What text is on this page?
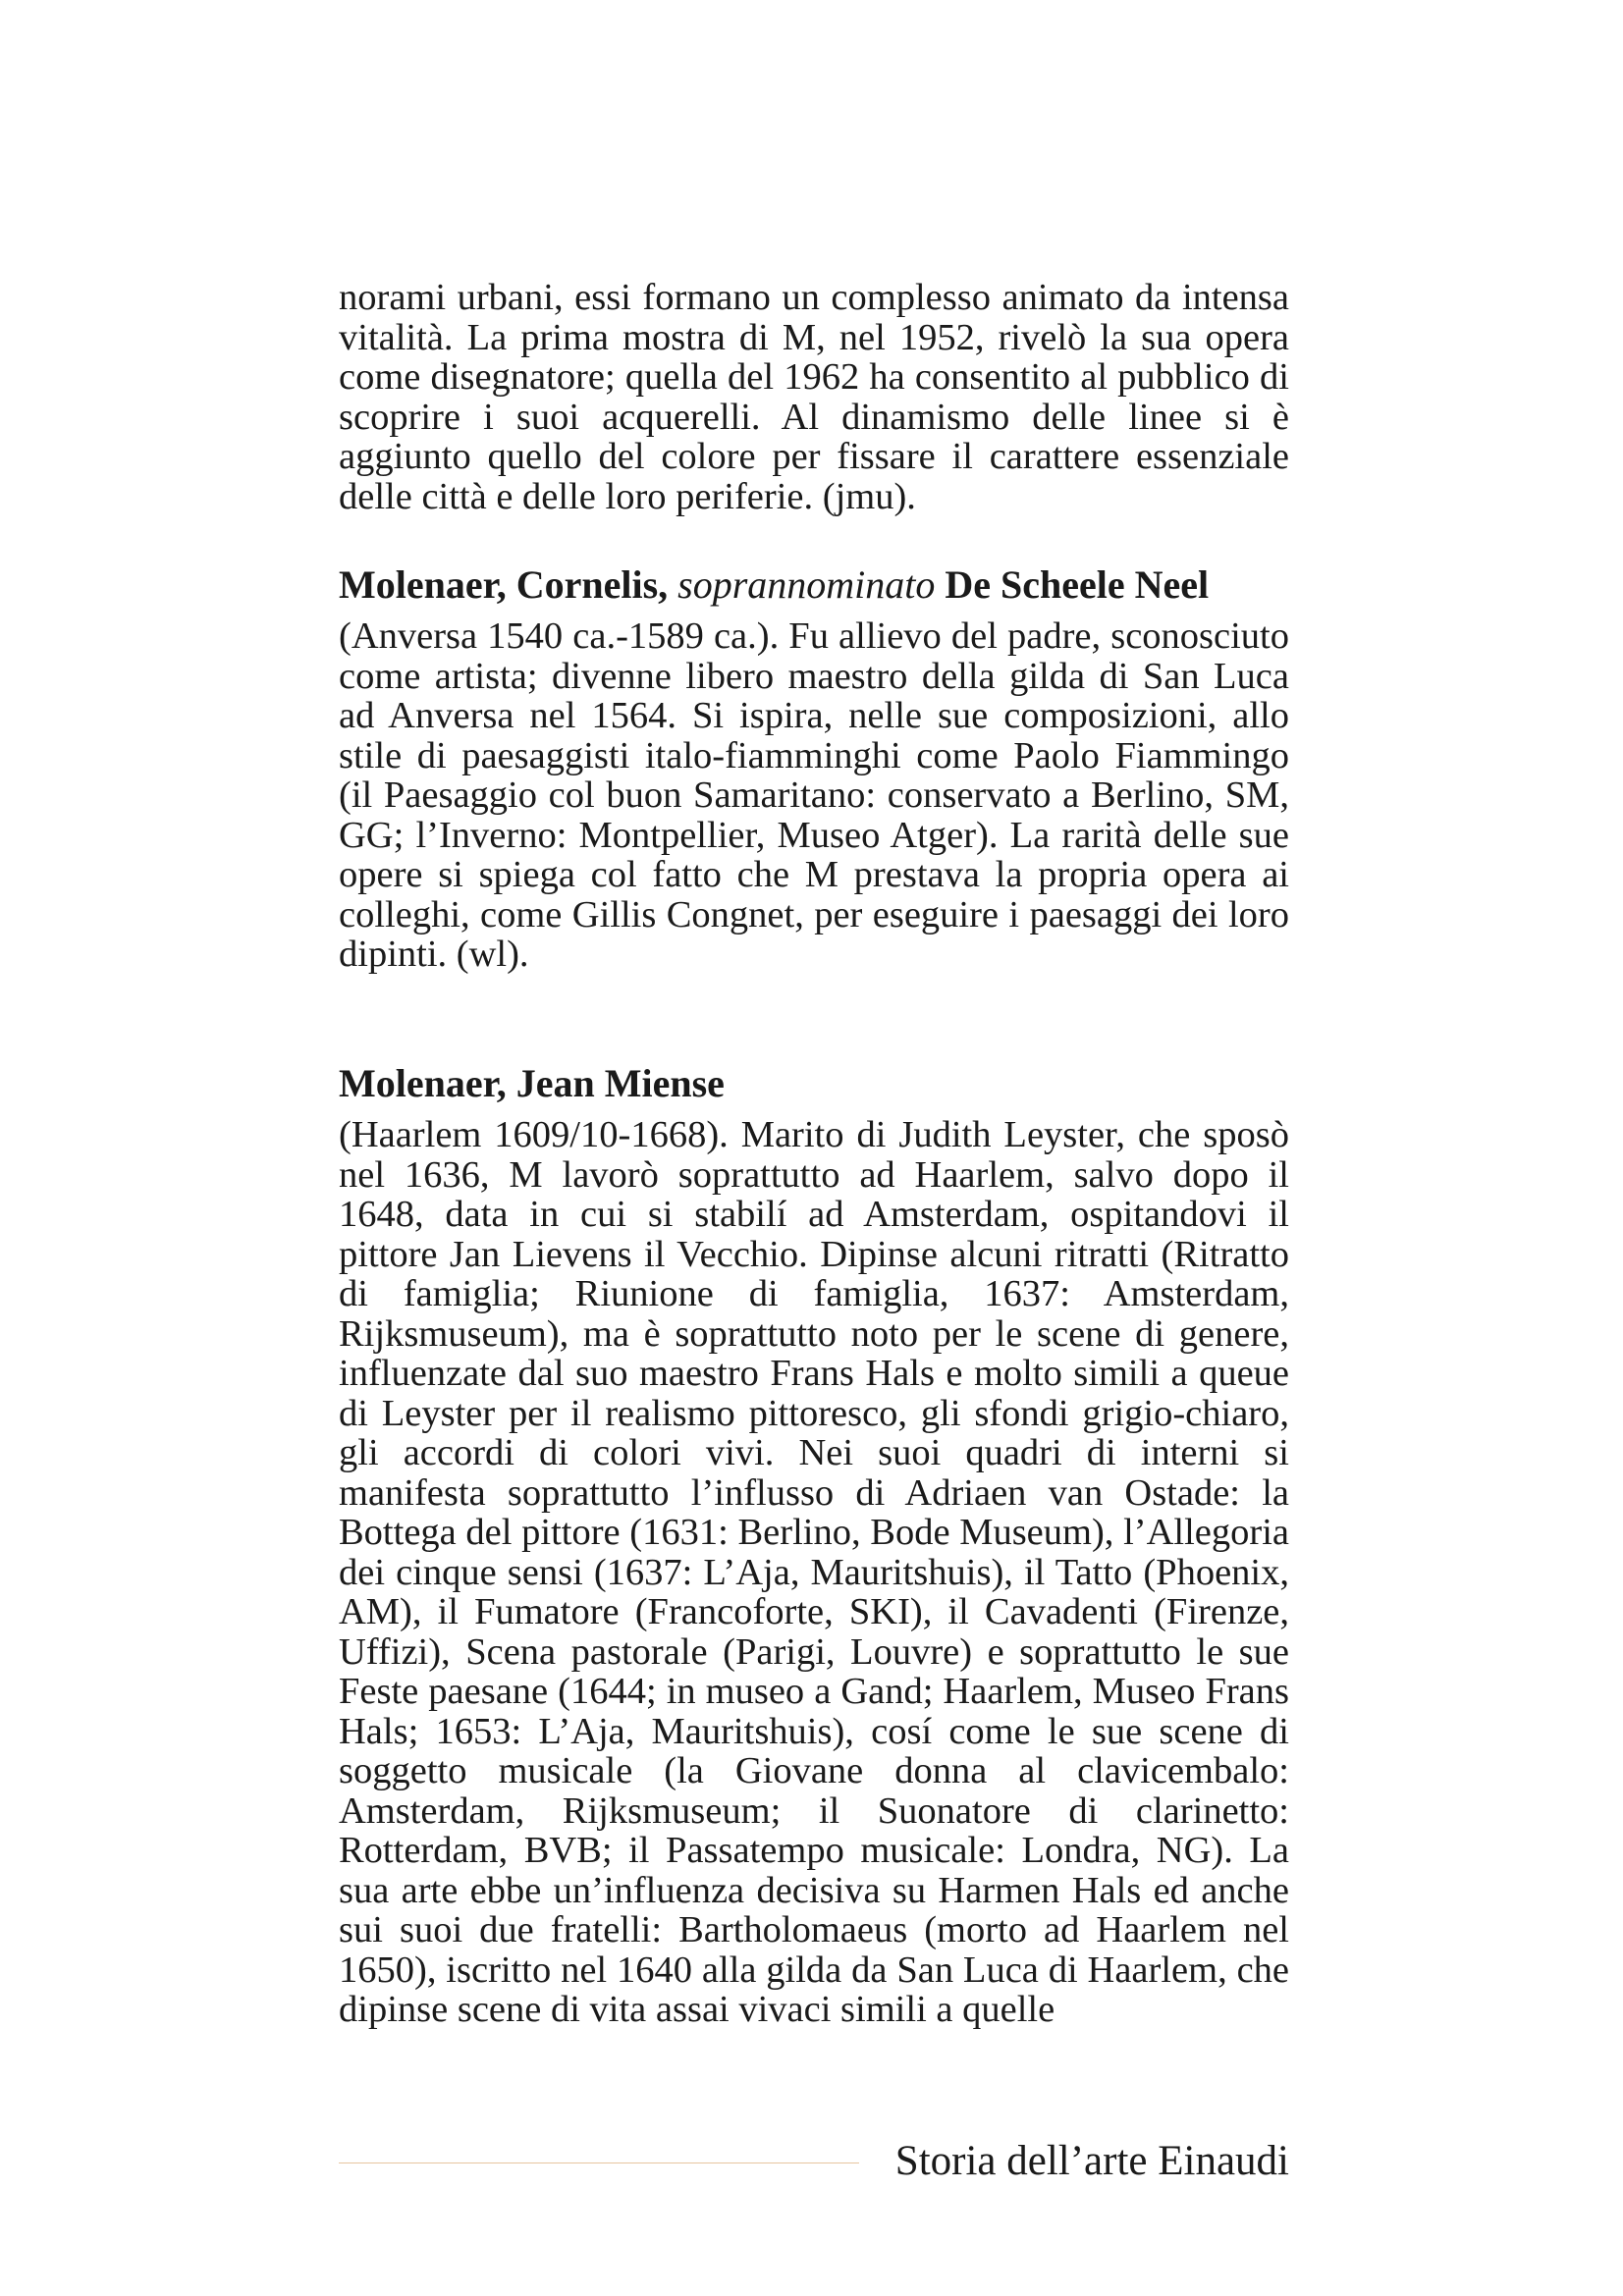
norami urbani, essi formano un complesso animato da intensa vitalità. La prima mostra di M, nel 1952, rivelò la sua opera come disegnatore; quella del 1962 ha consentito al pubblico di scoprire i suoi acquerelli. Al dinamismo delle linee si è aggiunto quello del colore per fissare il carattere essenziale delle città e delle loro periferie. (jmu).
Molenaer, Cornelis, soprannominato De Scheele Neel
(Anversa 1540 ca.-1589 ca.). Fu allievo del padre, sconosciuto come artista; divenne libero maestro della gilda di San Luca ad Anversa nel 1564. Si ispira, nelle sue composizioni, allo stile di paesaggisti italo-fiamminghi come Paolo Fiammingo (il Paesaggio col buon Samaritano: conservato a Berlino, SM, GG; l’Inverno: Montpellier, Museo Atger). La rarità delle sue opere si spiega col fatto che M prestava la propria opera ai colleghi, come Gillis Congnet, per eseguire i paesaggi dei loro dipinti. (wl).
Molenaer, Jean Miense
(Haarlem 1609/10-1668). Marito di Judith Leyster, che sposò nel 1636, M lavorò soprattutto ad Haarlem, salvo dopo il 1648, data in cui si stabilí ad Amsterdam, ospitandovi il pittore Jan Lievens il Vecchio. Dipinse alcuni ritratti (Ritratto di famiglia; Riunione di famiglia, 1637: Amsterdam, Rijksmuseum), ma è soprattutto noto per le scene di genere, influenzate dal suo maestro Frans Hals e molto simili a queue di Leyster per il realismo pittoresco, gli sfondi grigio-chiaro, gli accordi di colori vivi. Nei suoi quadri di interni si manifesta soprattutto l’influsso di Adriaen van Ostade: la Bottega del pittore (1631: Berlino, Bode Museum), l’Allegoria dei cinque sensi (1637: L’Aja, Mauritshuis), il Tatto (Phoenix, AM), il Fumatore (Francoforte, SKI), il Cavadenti (Firenze, Uffizi), Scena pastorale (Parigi, Louvre) e soprattutto le sue Feste paesane (1644; in museo a Gand; Haarlem, Museo Frans Hals; 1653: L’Aja, Mauritshuis), cosí come le sue scene di soggetto musicale (la Giovane donna al clavicembalo: Amsterdam, Rijksmuseum; il Suonatore di clarinetto: Rotterdam, BVB; il Passatempo musicale: Londra, NG). La sua arte ebbe un’influenza decisiva su Harmen Hals ed anche sui suoi due fratelli: Bartholomaeus (morto ad Haarlem nel 1650), iscritto nel 1640 alla gilda da San Luca di Haarlem, che dipinse scene di vita assai vivaci simili a quelle
Storia dell’arte Einaudi
